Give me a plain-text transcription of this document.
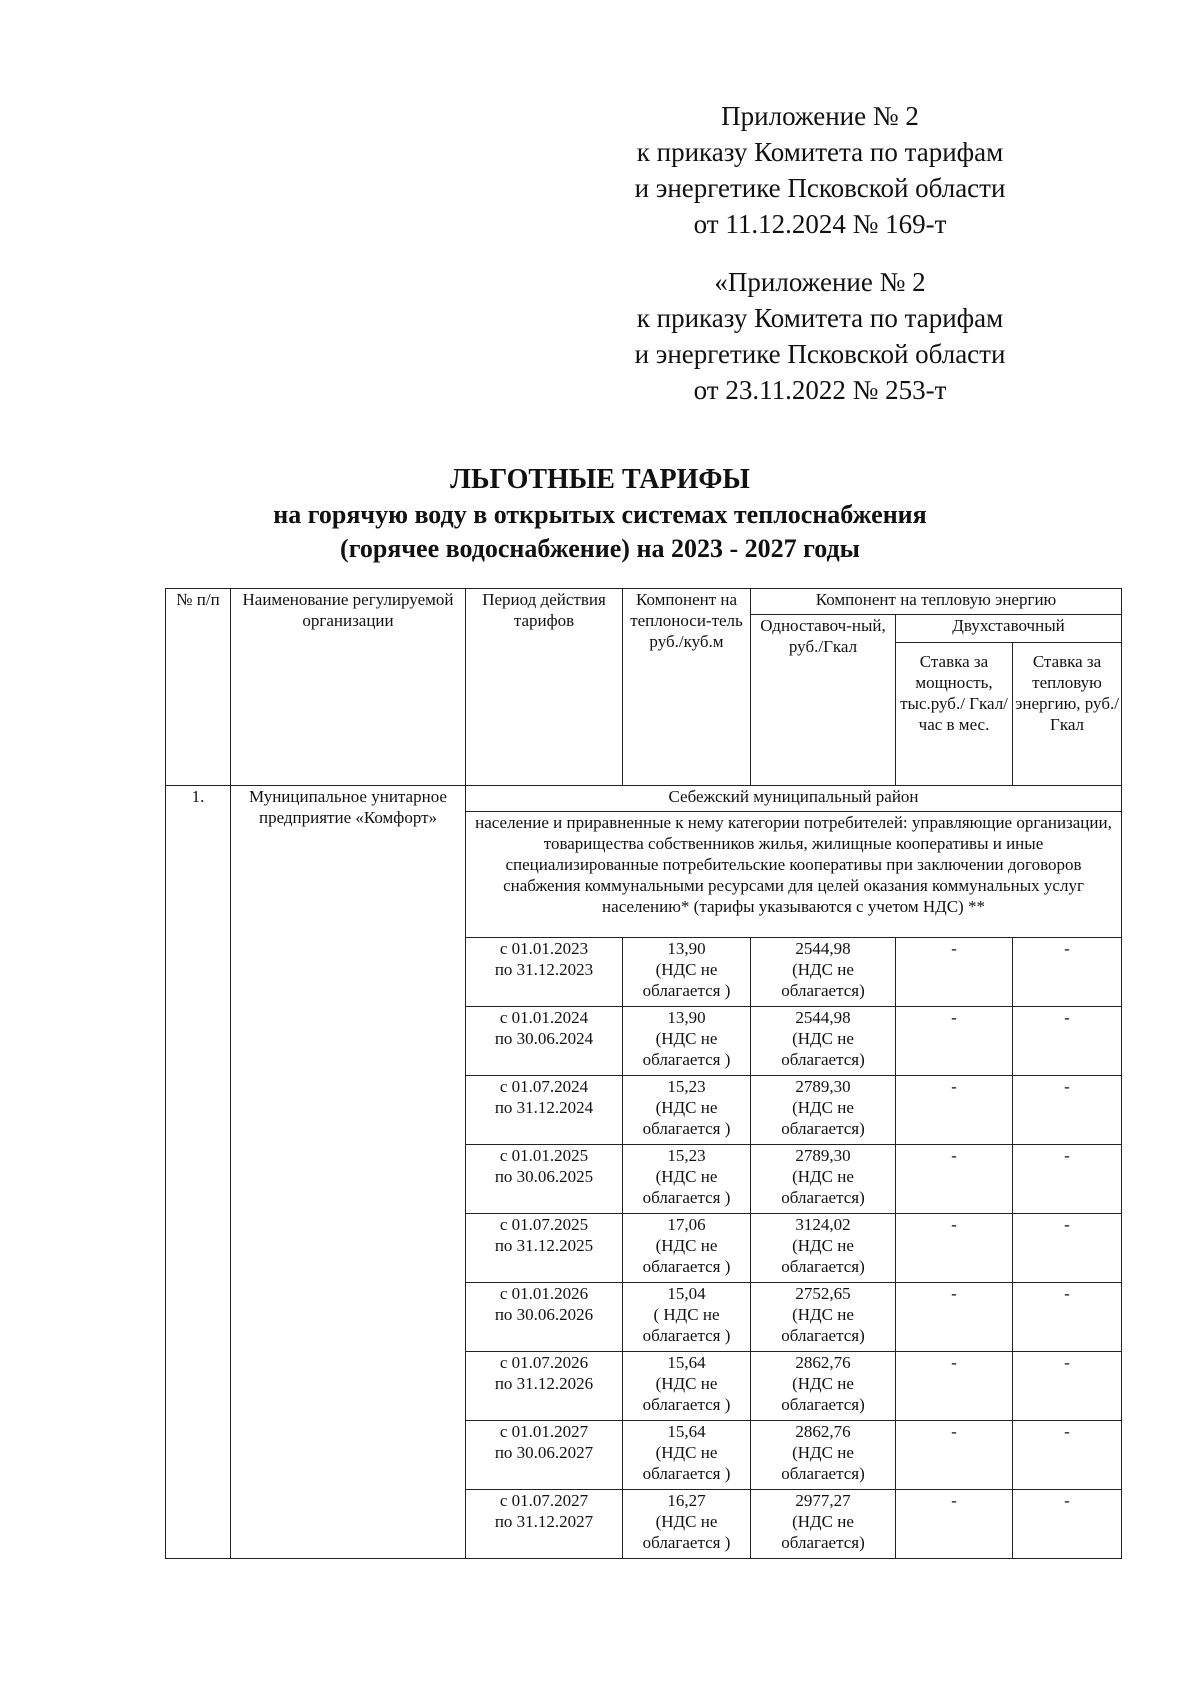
Приложение № 2
к приказу Комитета по тарифам
и энергетике Псковской области
от 11.12.2024 № 169-т
«Приложение № 2
к приказу Комитета по тарифам
и энергетике Псковской области
от 23.11.2022 № 253-т
ЛЬГОТНЫЕ ТАРИФЫ
на горячую воду в открытых системах теплоснабжения
(горячее водоснабжение) на 2023 - 2027 годы
№ п/п	Наименование регулируемой организации	Период действия тарифов	Компонент на теплоноси-тель руб./куб.м	Компонент на тепловую энергию		
				Одноставоч-ный, руб./Гкал	Двухставочный	
					Ставка за мощность, тыс.руб./ Гкал/час в мес.	Ставка за тепловую энергию, руб./Гкал
1.	Муниципальное унитарное предприятие «Комфорт»	Себежский муниципальный район				
		население и приравненные к нему категории потребителей: управляющие организации, товарищества собственников жилья, жилищные кооперативы и иные специализированные потребительские кооперативы при заключении договоров снабжения коммунальными ресурсами для целей оказания коммунальных услуг населению* (тарифы указываются с учетом НДС) **				

		с 01.01.2023
по 31.12.2023	13,90
(НДС не
облагается )	2544,98
(НДС не
облагается)	-	-

		с 01.01.2024
по 30.06.2024	13,90
(НДС не
облагается )	2544,98
(НДС не
облагается)	-	-

		с 01.07.2024
по 31.12.2024	15,23
(НДС не
облагается )	2789,30
(НДС не
облагается)	-	-

		с 01.01.2025
по 30.06.2025	15,23
(НДС не
облагается )	2789,30
(НДС не
облагается)	-	-

		с 01.07.2025
по 31.12.2025	17,06
(НДС не
облагается )	3124,02
(НДС не
облагается)	-	-

		с 01.01.2026
по 30.06.2026	15,04
( НДС не
облагается )	2752,65
(НДС не
облагается)	-	-

		с 01.07.2026
по 31.12.2026	15,64
(НДС не
облагается )	2862,76
(НДС не
облагается)	-	-

		с 01.01.2027
по 30.06.2027	15,64
(НДС не
облагается )	2862,76
(НДС не
облагается)	-	-

		с 01.07.2027
по 31.12.2027	16,27
(НДС не
облагается )	2977,27
(НДС не
облагается)	-	-
